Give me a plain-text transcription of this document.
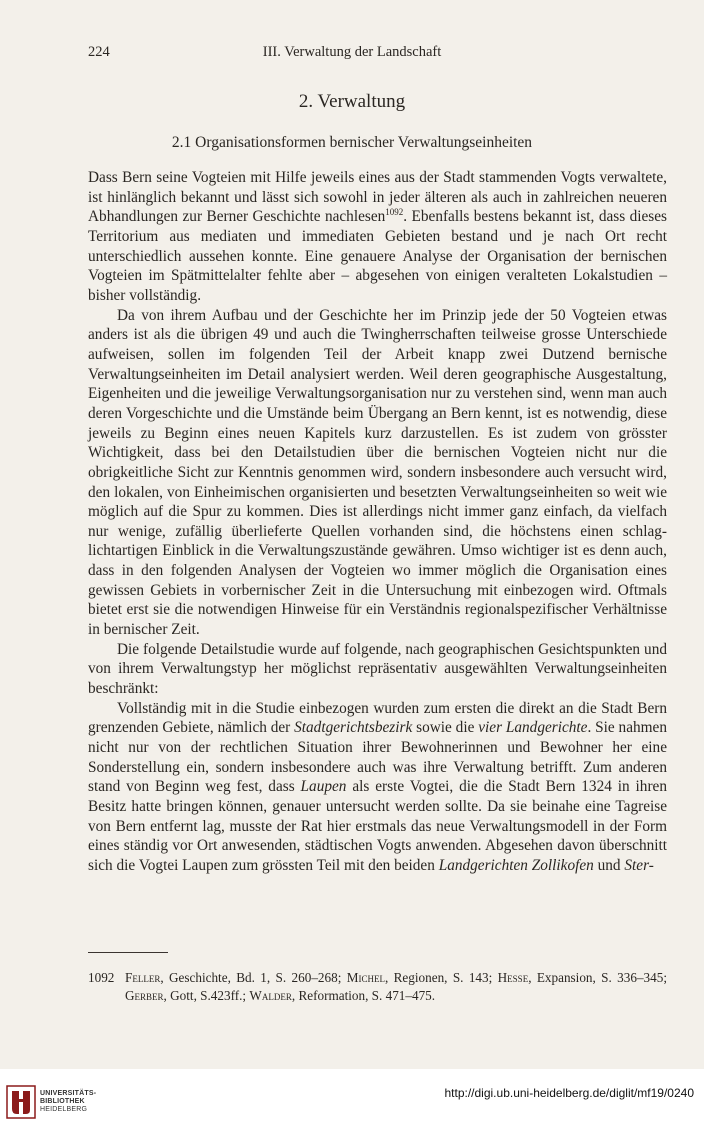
224	III. Verwaltung der Landschaft
2. Verwaltung
2.1 Organisationsformen bernischer Verwaltungseinheiten

Dass Bern seine Vogteien mit Hilfe jeweils eines aus der Stadt stammenden Vogts verwaltete, ist hinlänglich bekannt und lässt sich sowohl in jeder älteren als auch in zahlreichen neueren Abhandlungen zur Berner Geschichte nachlesen$^{1092}$. Ebenfalls bestens bekannt ist, dass dieses Territorium aus mediaten und immediaten Gebieten bestand und je nach Ort recht unterschiedlich aussehen konnte. Eine genauere Analyse der Organisation der bernischen Vogteien im Spätmittelalter fehlte aber – abgesehen von einigen veralteten Lokalstudien – bisher vollständig.

Da von ihrem Aufbau und der Geschichte her im Prinzip jede der 50 Vogteien etwas anders ist als die übrigen 49 und auch die Twingherrschaften teilweise grosse Unterschiede aufweisen, sollen im folgenden Teil der Arbeit knapp zwei Dutzend bernische Verwaltungseinheiten im Detail analysiert werden. Weil deren geographische Ausgestaltung, Eigenheiten und die jeweilige Verwaltungsorganisation nur zu verstehen sind, wenn man auch deren Vorgeschichte und die Umstände beim Übergang an Bern kennt, ist es notwendig, diese jeweils zu Beginn eines neuen Kapitels kurz darzustellen. Es ist zudem von grösster Wichtigkeit, dass bei den Detailstudien über die bernischen Vogteien nicht nur die obrigkeitliche Sicht zur Kenntnis genommen wird, sondern insbesondere auch versucht wird, den lokalen, von Einheimischen organisierten und besetzten Verwaltungseinheiten so weit wie möglich auf die Spur zu kommen. Dies ist allerdings nicht immer ganz einfach, da vielfach nur wenige, zufällig überlieferte Quellen vorhanden sind, die höchstens einen schlaglichtartigen Einblick in die Verwaltungszustände gewähren. Umso wichtiger ist es denn auch, dass in den folgenden Analysen der Vogteien wo immer möglich die Organisation eines gewissen Gebiets in vorbernischer Zeit in die Untersuchung mit einbezogen wird. Oftmals bietet erst sie die notwendigen Hinweise für ein Verständnis regionalspezifischer Verhältnisse in bernischer Zeit.

Die folgende Detailstudie wurde auf folgende, nach geographischen Gesichtspunkten und von ihrem Verwaltungstyp her möglichst repräsentativ ausgewählten Verwaltungseinheiten beschränkt:

Vollständig mit in die Studie einbezogen wurden zum ersten die direkt an die Stadt Bern grenzenden Gebiete, nämlich der Stadtgerichtsbezirk sowie die vier Landgerichte. Sie nahmen nicht nur von der rechtlichen Situation ihrer Bewohnerinnen und Bewohner her eine Sonderstellung ein, sondern insbesondere auch was ihre Verwaltung betrifft. Zum anderen stand von Beginn weg fest, dass Laupen als erste Vogtei, die die Stadt Bern 1324 in ihren Besitz hatte bringen können, genauer untersucht werden sollte. Da sie beinahe eine Tagreise von Bern entfernt lag, musste der Rat hier erstmals das neue Verwaltungsmodell in der Form eines ständig vor Ort anwesenden, städtischen Vogts anwenden. Abgesehen davon überschnitt sich die Vogtei Laupen zum grössten Teil mit den beiden Landgerichten Zollikofen und Ster-

1092 Feller, Geschichte, Bd. 1, S. 260–268; Michel, Regionen, S. 143; Hesse, Expansion, S. 336–345; Gerber, Gott, S.423ff.; Walder, Reformation, S. 471–475.
UNIVERSITÄTS-
BIBLIOTHEK
HEIDELBERG
http://digi.ub.uni-heidelberg.de/diglit/mf19/0240
